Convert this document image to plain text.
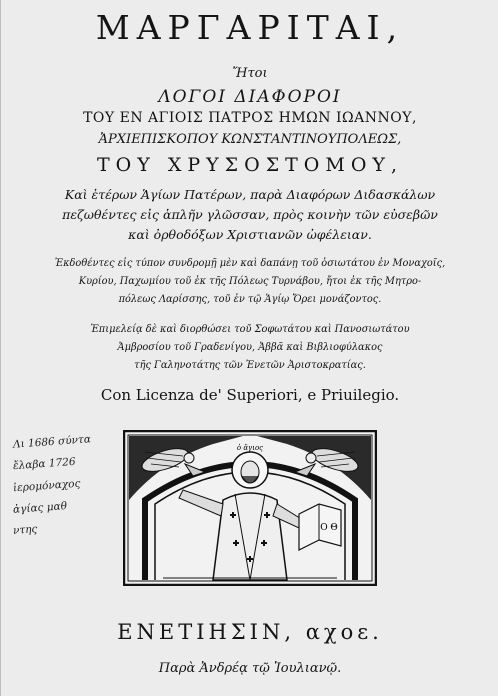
ΜΑΡΓΑΡΙΤΑΙ,
Ἤτοι
ΛΟΓΟΙ ΔΙΑΦΟΡΟΙ
ΤΟΥ ΕΝ ΑΓΙΟΙΣ ΠΑΤΡΟΣ ΗΜΩΝ ΙΩΑΝΝΟΥ,
ἈΡΧΙΕΠΙΣΚΟΠΟΥ ΚΩΝΣΤΑΝΤΙΝΟΥΠΟΛΕΩΣ,
ΤΟΥ ΧΡΥΣΟΣΤΟΜΟΥ,
Καὶ ἑτέρων Ἁγίων Πατέρων, παρὰ Διαφόρων Διδασκάλων
πεζωθέντες εἰς ἁπλῆν γλῶσσαν, πρὸς κοινὴν τῶν εὐσεβῶν
καὶ ὀρθοδόξων Χριστιανῶν ὠφέλειαν.
Ἐκδοθέντες εἰς τύπον συνδρομῇ μὲν καὶ δαπάνῃ τοῦ ὁσιωτάτου ἐν Μοναχοῖς,
Κυρίου, Παχωμίου τοῦ ἐκ τῆς Πόλεως Τυρνάβου, ἤτοι ἐκ τῆς Μητρο-
πόλεως Λαρίσσης, τοῦ ἐν τῷ Ἁγίῳ Ὄρει μονάζοντος.
Ἐπιμελείᾳ δὲ καὶ διορθώσει τοῦ Σοφωτάτου καὶ Πανοσιωτάτου
Ἀμβροσίου τοῦ Γραδενίγου, Ἀββᾶ καὶ Βιβλιοφύλακος
τῆς Γαληνοτάτης τῶν Ἐνετῶν Ἀριστοκρατίας.
Con Licenza de' Superiori, e Priuilegio.
Λι 1686 σύντα
ἔλαβα 1726
ἱερομόναχος
ἁγίας μαθ
ντης
ὁ ἅγιος
Ο Θ
ΕΝΕΤΙΗΣΙΝ, αχοε.
Παρὰ Ἀνδρέᾳ τῷ Ἰουλιανῷ.
